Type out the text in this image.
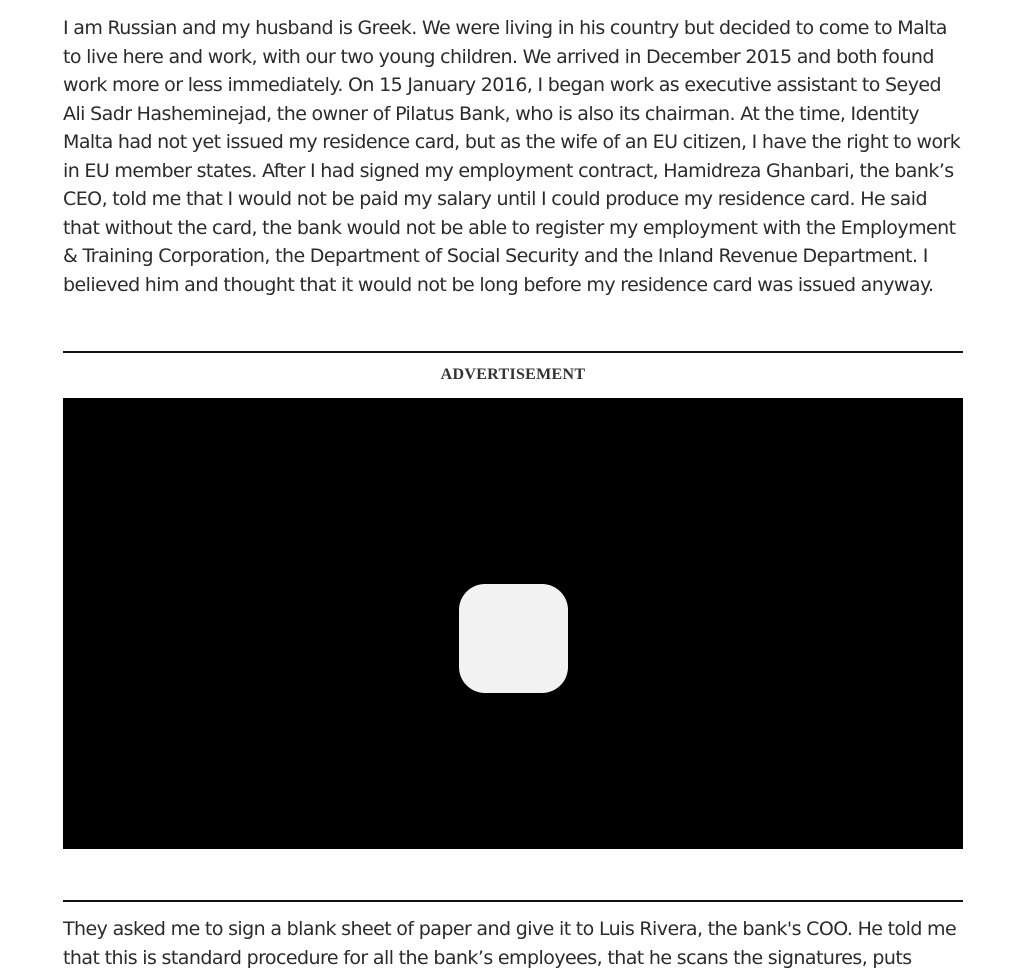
I am Russian and my husband is Greek. We were living in his country but decided to come to Malta to live here and work, with our two young children. We arrived in December 2015 and both found work more or less immediately. On 15 January 2016, I began work as executive assistant to Seyed Ali Sadr Hasheminejad, the owner of Pilatus Bank, who is also its chairman. At the time, Identity Malta had not yet issued my residence card, but as the wife of an EU citizen, I have the right to work in EU member states. After I had signed my employment contract, Hamidreza Ghanbari, the bank’s CEO, told me that I would not be paid my salary until I could produce my residence card. He said that without the card, the bank would not be able to register my employment with the Employment & Training Corporation, the Department of Social Security and the Inland Revenue Department. I believed him and thought that it would not be long before my residence card was issued anyway.

ADVERTISEMENT

They asked me to sign a blank sheet of paper and give it to Luis Rivera, the bank's COO. He told me that this is standard procedure for all the bank’s employees, that he scans the signatures, puts
